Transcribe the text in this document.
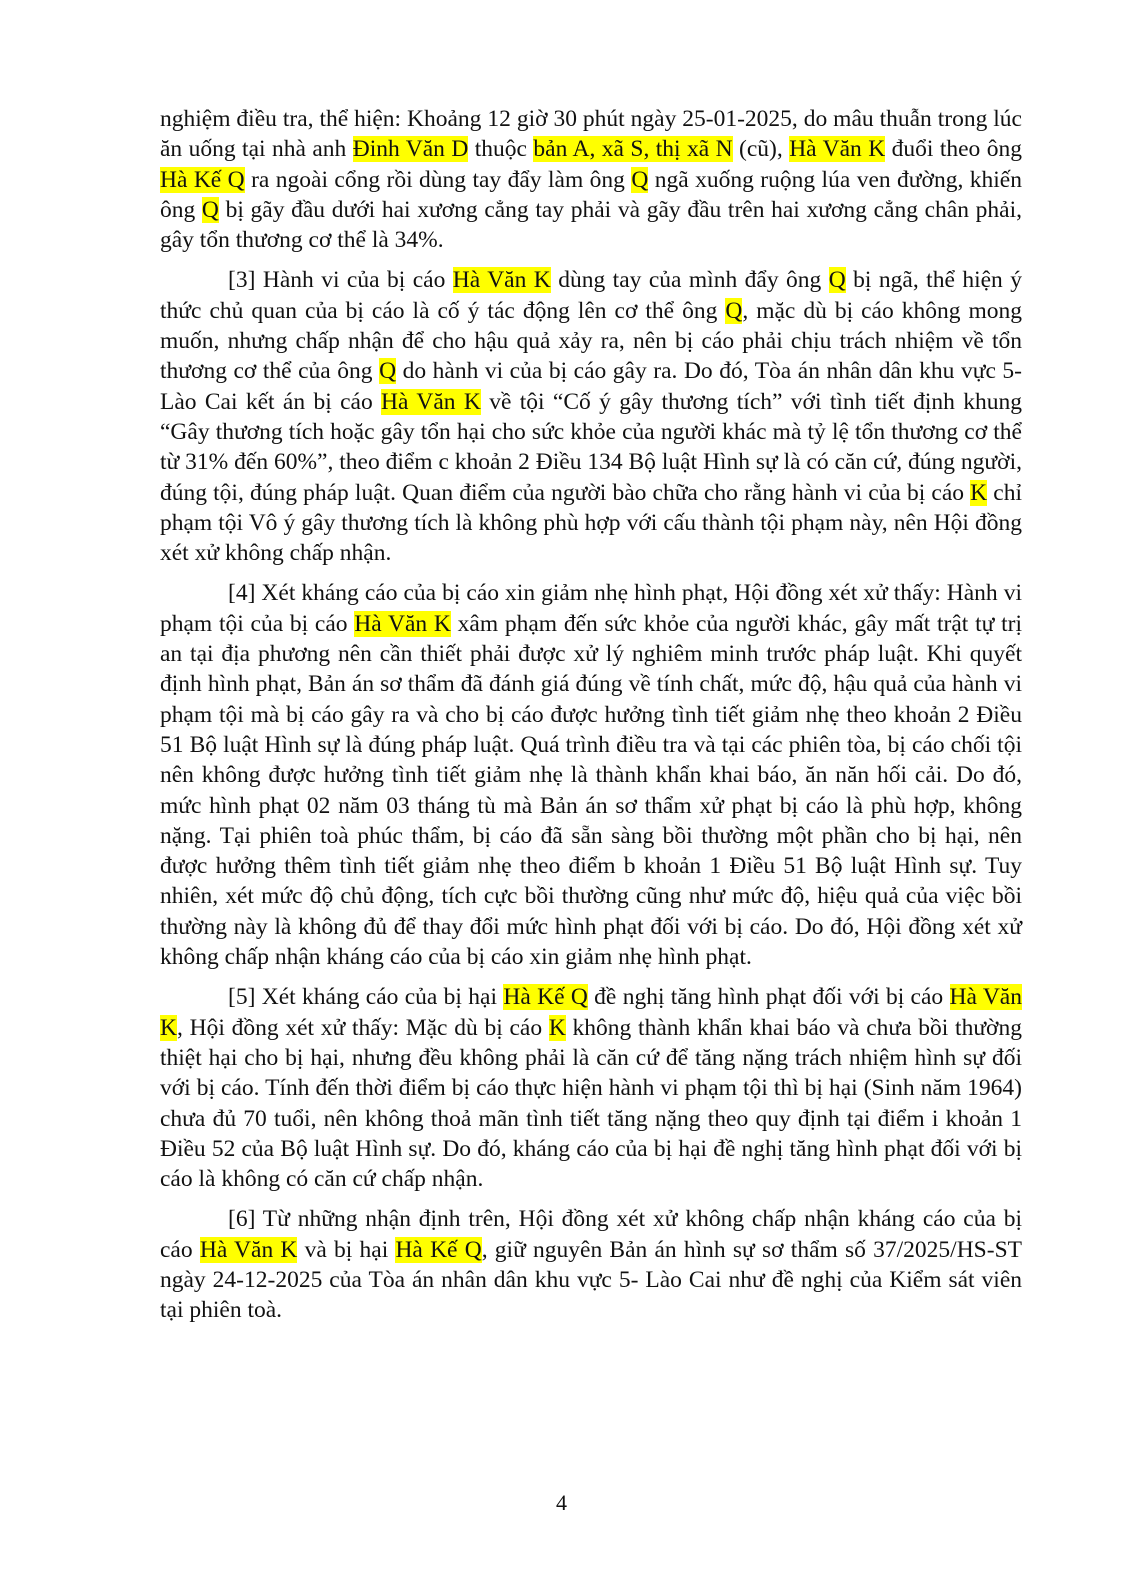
nghiệm điều tra, thể hiện: Khoảng 12 giờ 30 phút ngày 25-01-2025, do mâu thuẫn trong lúc ăn uống tại nhà anh Đinh Văn D thuộc bản A, xã S, thị xã N (cũ), Hà Văn K đuổi theo ông Hà Kế Q ra ngoài cổng rồi dùng tay đẩy làm ông Q ngã xuống ruộng lúa ven đường, khiến ông Q bị gãy đầu dưới hai xương cẳng tay phải và gãy đầu trên hai xương cẳng chân phải, gây tổn thương cơ thể là 34%.

[3] Hành vi của bị cáo Hà Văn K dùng tay của mình đẩy ông Q bị ngã, thể hiện ý thức chủ quan của bị cáo là cố ý tác động lên cơ thể ông Q, mặc dù bị cáo không mong muốn, nhưng chấp nhận để cho hậu quả xảy ra, nên bị cáo phải chịu trách nhiệm về tổn thương cơ thể của ông Q do hành vi của bị cáo gây ra. Do đó, Tòa án nhân dân khu vực 5- Lào Cai kết án bị cáo Hà Văn K về tội “Cố ý gây thương tích” với tình tiết định khung “Gây thương tích hoặc gây tổn hại cho sức khỏe của người khác mà tỷ lệ tổn thương cơ thể từ 31% đến 60%”, theo điểm c khoản 2 Điều 134 Bộ luật Hình sự là có căn cứ, đúng người, đúng tội, đúng pháp luật. Quan điểm của người bào chữa cho rằng hành vi của bị cáo K chỉ phạm tội Vô ý gây thương tích là không phù hợp với cấu thành tội phạm này, nên Hội đồng xét xử không chấp nhận.

[4] Xét kháng cáo của bị cáo xin giảm nhẹ hình phạt, Hội đồng xét xử thấy: Hành vi phạm tội của bị cáo Hà Văn K xâm phạm đến sức khỏe của người khác, gây mất trật tự trị an tại địa phương nên cần thiết phải được xử lý nghiêm minh trước pháp luật. Khi quyết định hình phạt, Bản án sơ thẩm đã đánh giá đúng về tính chất, mức độ, hậu quả của hành vi phạm tội mà bị cáo gây ra và cho bị cáo được hưởng tình tiết giảm nhẹ theo khoản 2 Điều 51 Bộ luật Hình sự là đúng pháp luật. Quá trình điều tra và tại các phiên tòa, bị cáo chối tội nên không được hưởng tình tiết giảm nhẹ là thành khẩn khai báo, ăn năn hối cải. Do đó, mức hình phạt 02 năm 03 tháng tù mà Bản án sơ thẩm xử phạt bị cáo là phù hợp, không nặng. Tại phiên toà phúc thẩm, bị cáo đã sẵn sàng bồi thường một phần cho bị hại, nên được hưởng thêm tình tiết giảm nhẹ theo điểm b khoản 1 Điều 51 Bộ luật Hình sự. Tuy nhiên, xét mức độ chủ động, tích cực bồi thường cũng như mức độ, hiệu quả của việc bồi thường này là không đủ để thay đổi mức hình phạt đối với bị cáo. Do đó, Hội đồng xét xử không chấp nhận kháng cáo của bị cáo xin giảm nhẹ hình phạt.

[5] Xét kháng cáo của bị hại Hà Kế Q đề nghị tăng hình phạt đối với bị cáo Hà Văn K, Hội đồng xét xử thấy: Mặc dù bị cáo K không thành khẩn khai báo và chưa bồi thường thiệt hại cho bị hại, nhưng đều không phải là căn cứ để tăng nặng trách nhiệm hình sự đối với bị cáo. Tính đến thời điểm bị cáo thực hiện hành vi phạm tội thì bị hại (Sinh năm 1964) chưa đủ 70 tuổi, nên không thoả mãn tình tiết tăng nặng theo quy định tại điểm i khoản 1 Điều 52 của Bộ luật Hình sự. Do đó, kháng cáo của bị hại đề nghị tăng hình phạt đối với bị cáo là không có căn cứ chấp nhận.

[6] Từ những nhận định trên, Hội đồng xét xử không chấp nhận kháng cáo của bị cáo Hà Văn K và bị hại Hà Kế Q, giữ nguyên Bản án hình sự sơ thẩm số 37/2025/HS-ST ngày 24-12-2025 của Tòa án nhân dân khu vực 5- Lào Cai như đề nghị của Kiểm sát viên tại phiên toà.

4
